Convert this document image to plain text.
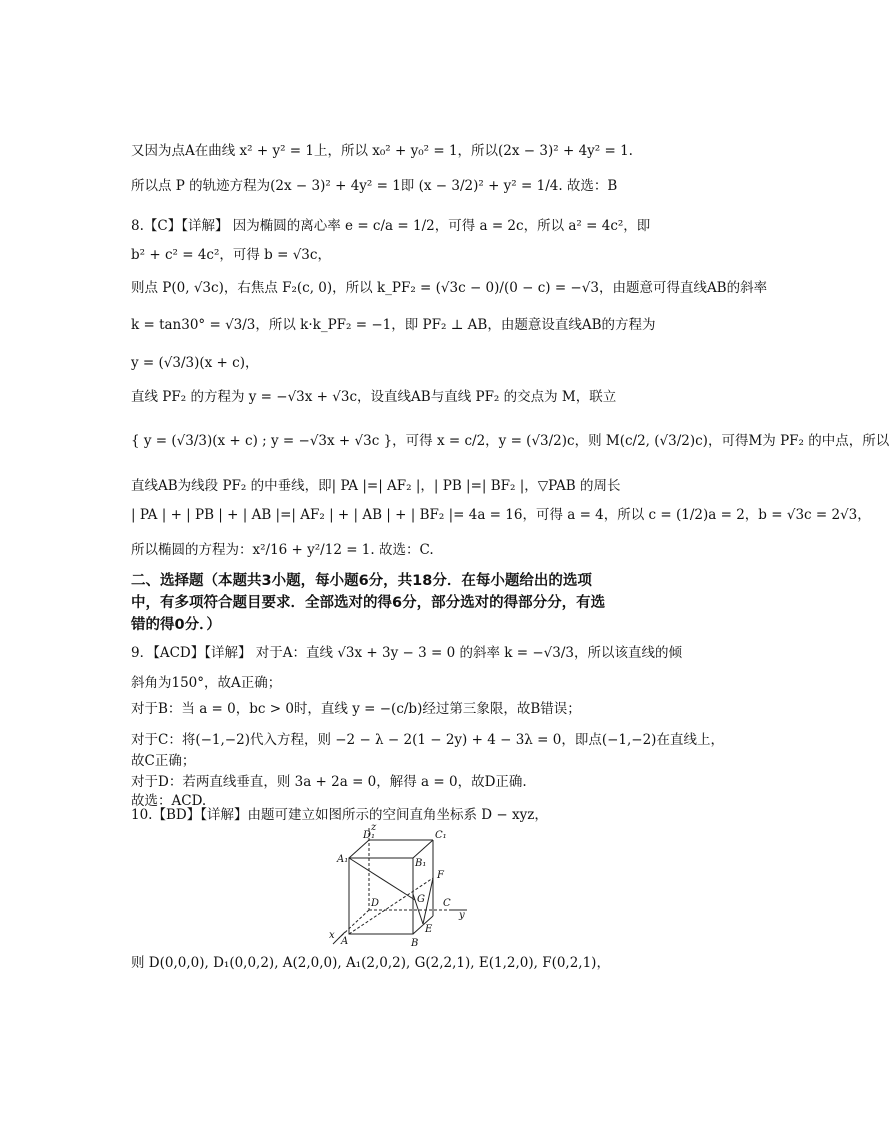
又因为点A在曲线 x² + y² = 1上，所以 x₀² + y₀² = 1，所以(2x − 3)² + 4y² = 1.
所以点 P 的轨迹方程为(2x − 3)² + 4y² = 1即 (x − 3/2)² + y² = 1/4. 故选：B
8.【C】【详解】 因为椭圆的离心率 e = c/a = 1/2，可得 a = 2c，所以 a² = 4c²，即
b² + c² = 4c²，可得 b = √3c，
则点 P(0, √3c)，右焦点 F₂(c, 0)，所以 k_PF₂ = (√3c − 0)/(0 − c) = −√3，由题意可得直线AB的斜率
k = tan30° = √3/3，所以 k·k_PF₂ = −1，即 PF₂ ⊥ AB，由题意设直线AB的方程为
y = (√3/3)(x + c)，
直线 PF₂ 的方程为 y = −√3x + √3c，设直线AB与直线 PF₂ 的交点为 M，联立
{ y = (√3/3)(x + c) ; y = −√3x + √3c }，可得 x = c/2，y = (√3/2)c，则 M(c/2, (√3/2)c)，可得M为 PF₂ 的中点，所以
直线AB为线段 PF₂ 的中垂线，即| PA |=| AF₂ |，| PB |=| BF₂ |，▽PAB 的周长
| PA | + | PB | + | AB |=| AF₂ | + | AB | + | BF₂ |= 4a = 16，可得 a = 4，所以 c = (1/2)a = 2，b = √3c = 2√3，
所以椭圆的方程为：x²/16 + y²/12 = 1. 故选：C.
二、选择题（本题共3小题，每小题6分，共18分．在每小题给出的选项
中，有多项符合题目要求．全部选对的得6分，部分选对的得部分分，有选
错的得0分．）
9．【ACD】【详解】 对于A：直线 √3x + 3y − 3 = 0 的斜率 k = −√3/3，所以该直线的倾
斜角为150°，故A正确；
对于B：当 a = 0，bc > 0时，直线 y = −(c/b)经过第三象限，故B错误；
对于C：将(−1,−2)代入方程，则 −2 − λ − 2(1 − 2y) + 4 − 3λ = 0，即点(−1,−2)在直线上，
故C正确；
对于D：若两直线垂直，则 3a + 2a = 0，解得 a = 0，故D正确.
故选：ACD.
10.【BD】【详解】由题可建立如图所示的空间直角坐标系 D − xyz，
z
D₁	C₁
A₁	B₁
F
G
D	C
y
x
A	B
E
则 D(0,0,0), D₁(0,0,2), A(2,0,0), A₁(2,0,2), G(2,2,1), E(1,2,0), F(0,2,1)，
